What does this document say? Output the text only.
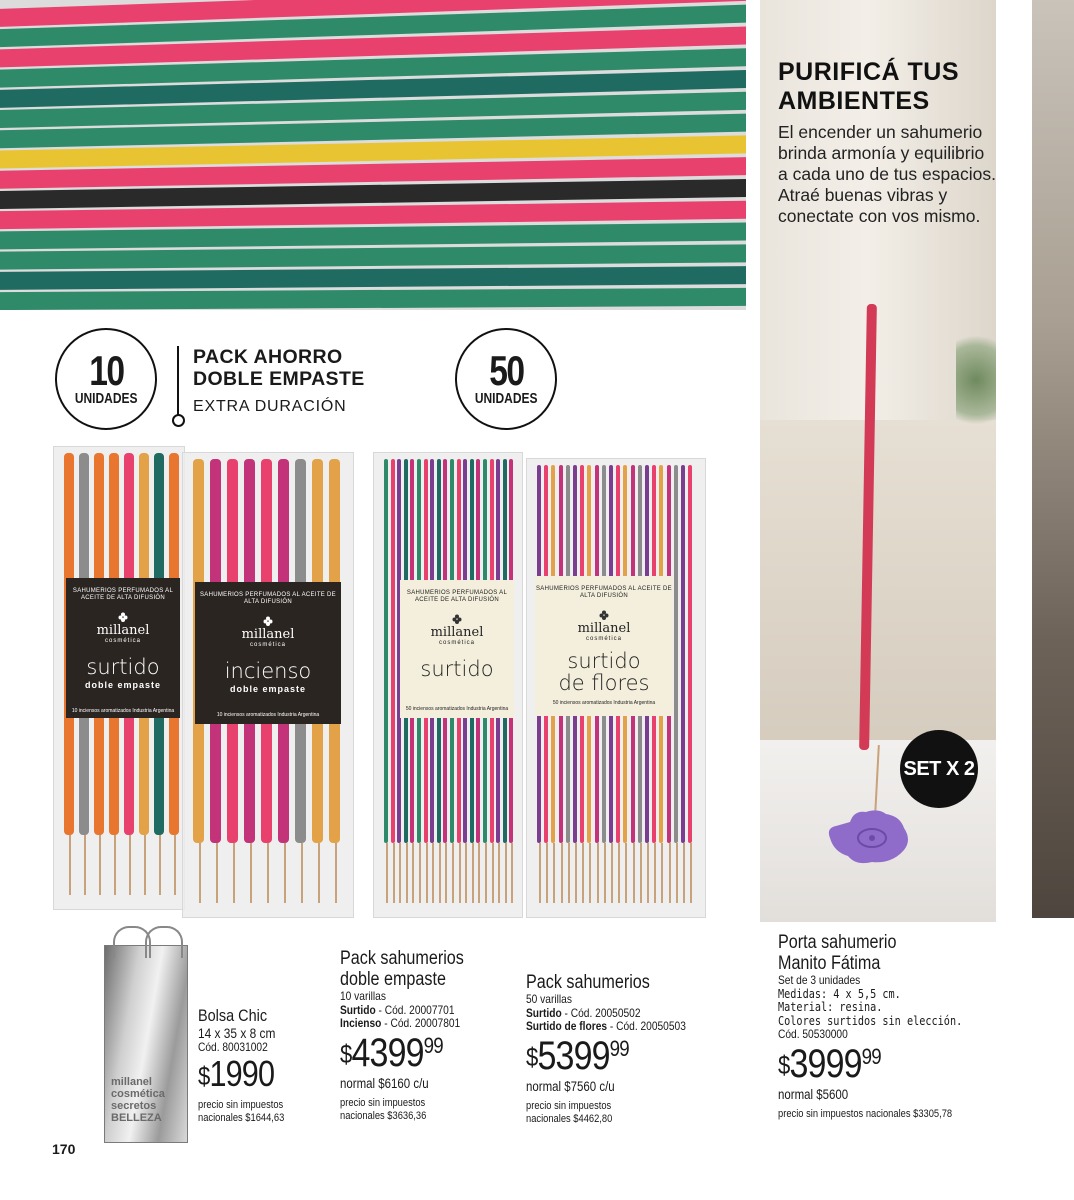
PURIFICÁ TUS AMBIENTES
El encender un sahumerio brinda armonía y equilibrio a cada uno de tus espacios. Atraé buenas vibras y conectate con vos mismo.
SET X 2
10
UNIDADES
PACK AHORRO
DOBLE EMPASTE
EXTRA DURACIÓN
50
UNIDADES
SAHUMERIOS PERFUMADOS AL ACEITE DE ALTA DIFUSIÓN
millanel
cosmética
surtido
doble empaste
10 inciensos aromatizados Industria Argentina
SAHUMERIOS PERFUMADOS AL ACEITE DE ALTA DIFUSIÓN
millanel
cosmética
incienso
doble empaste
10 inciensos aromatizados Industria Argentina
SAHUMERIOS PERFUMADOS AL ACEITE DE ALTA DIFUSIÓN
millanel
cosmética
surtido
50 inciensos aromatizados Industria Argentina
SAHUMERIOS PERFUMADOS AL ACEITE DE ALTA DIFUSIÓN
millanel
cosmética
surtido
de flores
50 inciensos aromatizados Industria Argentina
millanel cosmética secretos BELLEZA
Bolsa Chic
14 x 35 x 8 cm
Cód. 80031002
$1990
precio sin impuestos
nacionales $1644,63
Pack sahumerios
doble empaste
10 varillas
Surtido - Cód. 20007701
Incienso - Cód. 20007801
$439999
normal $6160 c/u
precio sin impuestos
nacionales $3636,36
Pack sahumerios
50 varillas
Surtido - Cód. 20050502
Surtido de flores - Cód. 20050503
$539999
normal $7560 c/u
precio sin impuestos
nacionales $4462,80
Porta sahumerio
Manito Fátima
Set de 3 unidades
Medidas: 4 x 5,5 cm.
Material: resina.
Colores surtidos sin elección.
Cód. 50530000
$399999
normal $5600
precio sin impuestos nacionales $3305,78
170
